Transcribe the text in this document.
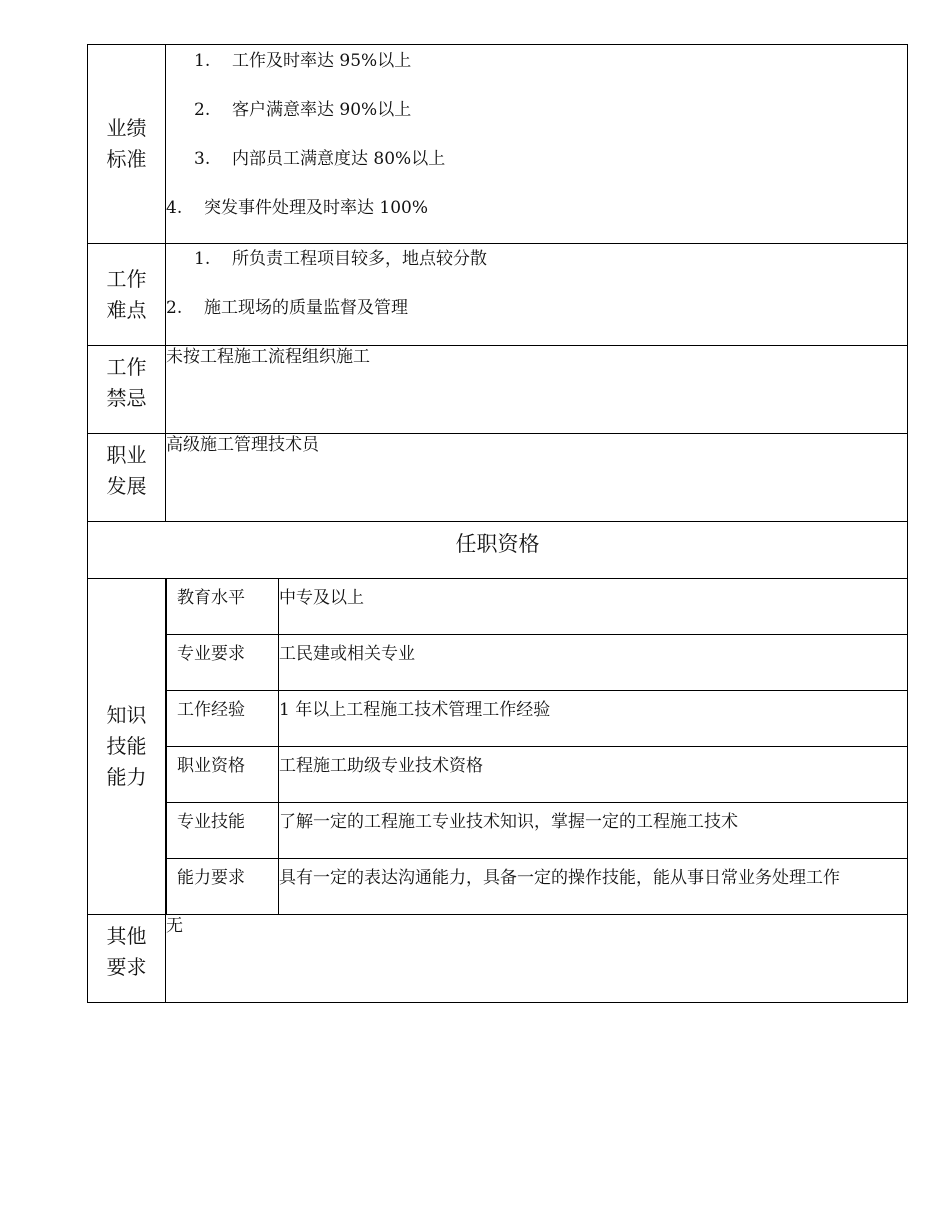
业绩
标准

1. 工作及时率达 95%以上
2. 客户满意率达 90%以上
3. 内部员工满意度达 80%以上
4. 突发事件处理及时率达 100%

工作
难点

1. 所负责工程项目较多，地点较分散
2. 施工现场的质量监督及管理

工作
禁忌
	未按工程施工流程组织施工

职业
发展
	高级施工管理技术员
任职资格

知识
技能
能力

教育水平	中专及以上
专业要求	工民建或相关专业
工作经验	1 年以上工程施工技术管理工作经验
职业资格	工程施工助级专业技术资格
专业技能	了解一定的工程施工专业技术知识，掌握一定的工程施工技术
能力要求	具有一定的表达沟通能力，具备一定的操作技能，能从事日常业务处理工作

其他
要求
	无
